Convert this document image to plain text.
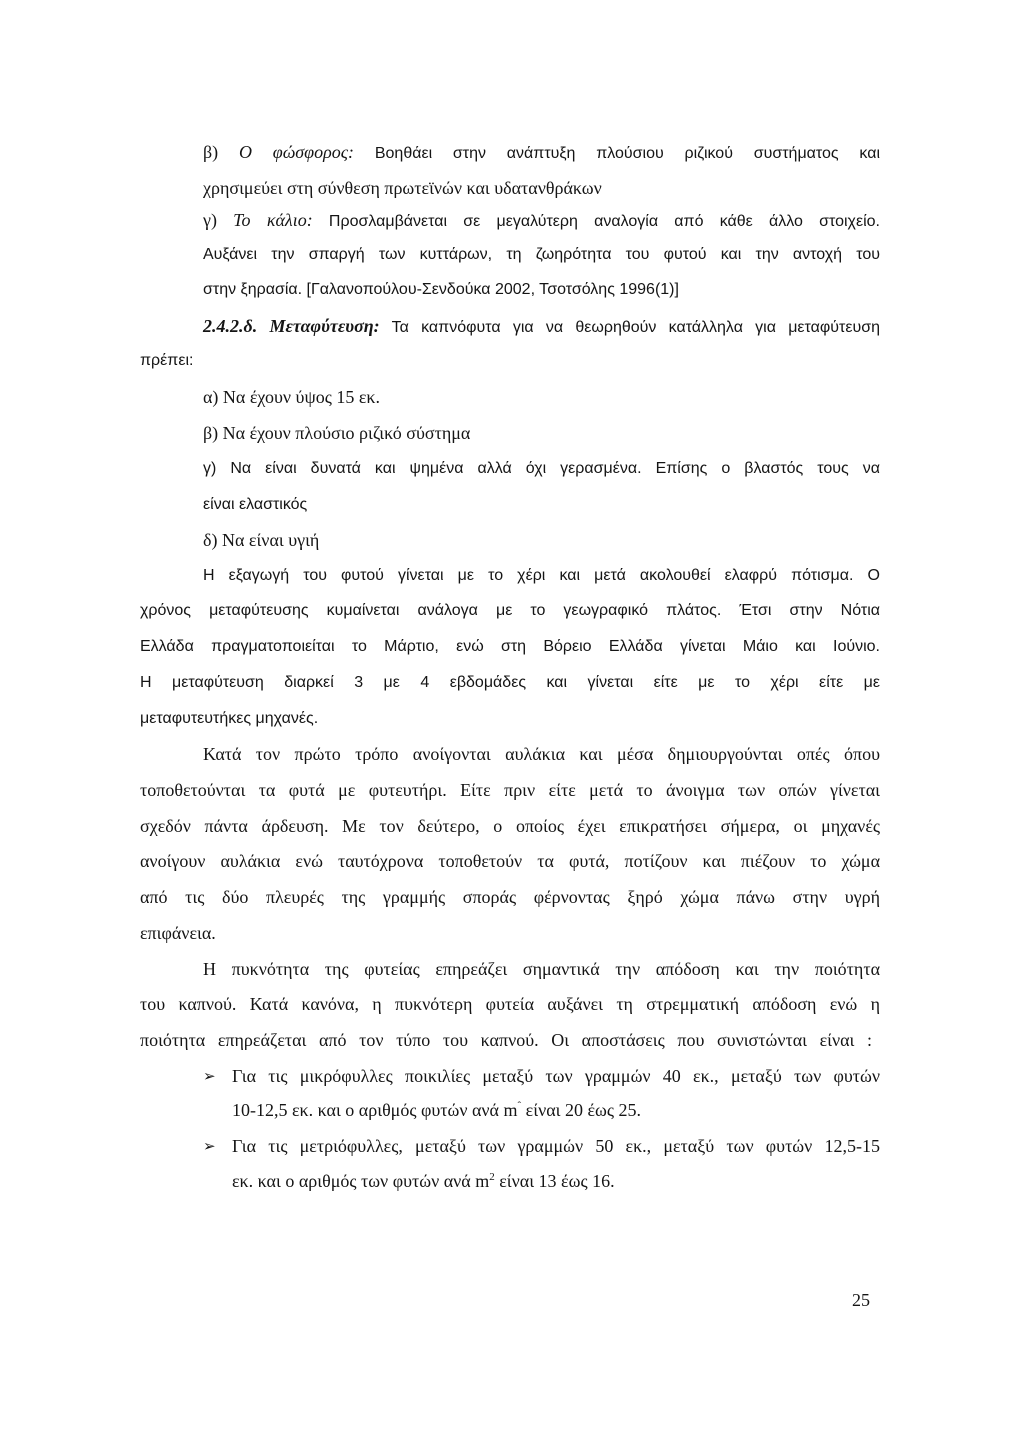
β) Ο φώσφορος: Βοηθάει στην ανάπτυξη πλούσιου ριζικού συστήματος και
χρησιμεύει στη σύνθεση πρωτεϊνών και υδατανθράκων
γ) Το κάλιο: Προσλαμβάνεται σε μεγαλύτερη αναλογία από κάθε άλλο στοιχείο.
Αυξάνει την σπαργή των κυττάρων, τη ζωηρότητα του φυτού και την αντοχή του
στην ξηρασία. [Γαλανοπούλου-Σενδούκα 2002, Τσοτσόλης 1996(1)]
2.4.2.δ. Μεταφύτευση: Τα καπνόφυτα για να θεωρηθούν κατάλληλα για μεταφύτευση
πρέπει:
α) Να έχουν ύψος 15 εκ.
β) Να έχουν πλούσιο ριζικό σύστημα
γ) Να είναι δυνατά και ψημένα αλλά όχι γερασμένα. Επίσης ο βλαστός τους να
είναι ελαστικός
δ) Να είναι υγιή
Η εξαγωγή του φυτού γίνεται με το χέρι και μετά ακολουθεί ελαφρύ πότισμα. Ο
χρόνος μεταφύτευσης κυμαίνεται ανάλογα με το γεωγραφικό πλάτος. Έτσι στην Νότια
Ελλάδα πραγματοποιείται το Μάρτιο, ενώ στη Βόρειο Ελλάδα γίνεται Μάιο και Ιούνιο.
Η μεταφύτευση διαρκεί 3 με 4 εβδομάδες και γίνεται είτε με το χέρι είτε με
μεταφυτευτήκες μηχανές.
Κατά τον πρώτο τρόπο ανοίγονται αυλάκια και μέσα δημιουργούνται οπές όπου
τοποθετούνται τα φυτά με φυτευτήρι. Είτε πριν είτε μετά το άνοιγμα των οπών γίνεται
σχεδόν πάντα άρδευση. Με τον δεύτερο, ο οποίος έχει επικρατήσει σήμερα, οι μηχανές
ανοίγουν αυλάκια ενώ ταυτόχρονα τοποθετούν τα φυτά, ποτίζουν και πιέζουν το χώμα
από τις δύο πλευρές της γραμμής σποράς φέρνοντας ξηρό χώμα πάνω στην υγρή
επιφάνεια.
Η πυκνότητα της φυτείας επηρεάζει σημαντικά την απόδοση και την ποιότητα
του καπνού. Κατά κανόνα, η πυκνότερη φυτεία αυξάνει τη στρεμματική απόδοση ενώ η
ποιότητα επηρεάζεται από τον τύπο του καπνού. Οι αποστάσεις που συνιστώνται είναι :
➢ Για τις μικρόφυλλες ποικιλίες μεταξύ των γραμμών 40 εκ., μεταξύ των φυτών
10-12,5 εκ. και ο αριθμός φυτών ανά $m^ˆ$ είναι 20 έως 25.
➢ Για τις μετριόφυλλες, μεταξύ των γραμμών 50 εκ., μεταξύ των φυτών 12,5-15
εκ. και ο αριθμός των φυτών ανά $m^2$ είναι 13 έως 16.
25
